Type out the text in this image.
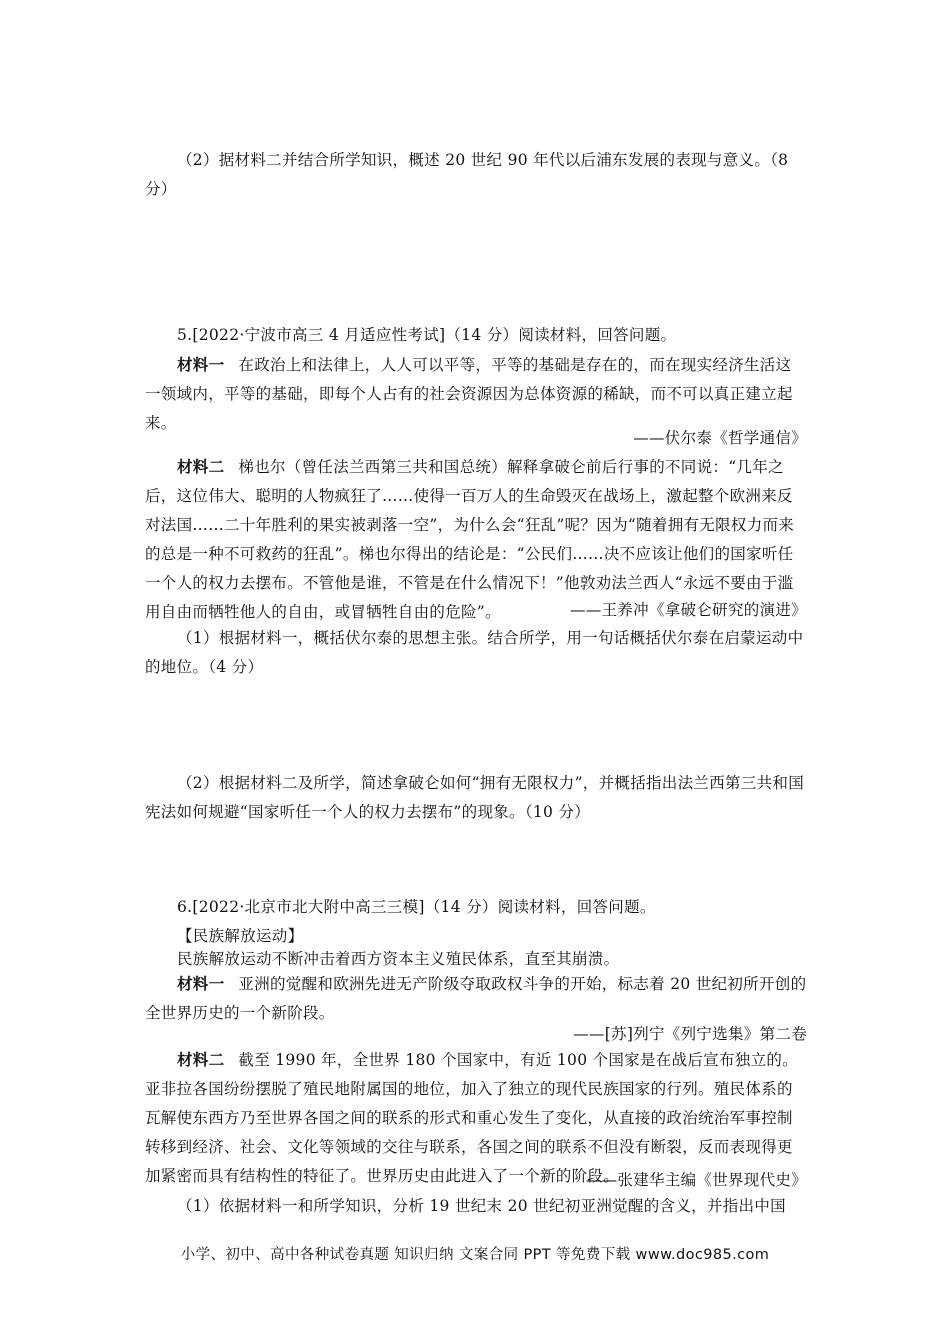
（2）据材料二并结合所学知识，概述 20 世纪 90 年代以后浦东发展的表现与意义。（8 分）
5.[2022·宁波市高三 4 月适应性考试]（14 分）阅读材料，回答问题。
材料一 在政治上和法律上，人人可以平等，平等的基础是存在的，而在现实经济生活这一领域内，平等的基础，即每个人占有的社会资源因为总体资源的稀缺，而不可以真正建立起来。
——伏尔泰《哲学通信》
材料二 梯也尔（曾任法兰西第三共和国总统）解释拿破仑前后行事的不同说：“几年之后，这位伟大、聪明的人物疯狂了……使得一百万人的生命毁灭在战场上，激起整个欧洲来反对法国……二十年胜利的果实被剥落一空”，为什么会“狂乱”呢？因为“随着拥有无限权力而来的总是一种不可救药的狂乱”。梯也尔得出的结论是：“公民们……决不应该让他们的国家听任一个人的权力去摆布。不管他是谁，不管是在什么情况下！”他敦劝法兰西人“永远不要由于滥用自由而牺牲他人的自由，或冒牺牲自由的危险”。	——王养冲《拿破仑研究的演进》
（1）根据材料一，概括伏尔泰的思想主张。结合所学，用一句话概括伏尔泰在启蒙运动中的地位。（4 分）
（2）根据材料二及所学，简述拿破仑如何“拥有无限权力”，并概括指出法兰西第三共和国宪法如何规避“国家听任一个人的权力去摆布”的现象。（10 分）
6.[2022·北京市北大附中高三三模]（14 分）阅读材料，回答问题。
【民族解放运动】
民族解放运动不断冲击着西方资本主义殖民体系，直至其崩溃。
材料一 亚洲的觉醒和欧洲先进无产阶级夺取政权斗争的开始，标志着 20 世纪初所开创的全世界历史的一个新阶段。
——[苏]列宁《列宁选集》第二卷
材料二 截至 1990 年，全世界 180 个国家中，有近 100 个国家是在战后宣布独立的。亚非拉各国纷纷摆脱了殖民地附属国的地位，加入了独立的现代民族国家的行列。殖民体系的瓦解使东西方乃至世界各国之间的联系的形式和重心发生了变化，从直接的政治统治军事控制转移到经济、社会、文化等领域的交往与联系，各国之间的联系不但没有断裂，反而表现得更加紧密而具有结构性的特征了。世界历史由此进入了一个新的阶段。
——张建华主编《世界现代史》
（1）依据材料一和所学知识，分析 19 世纪末 20 世纪初亚洲觉醒的含义，并指出中国
小学、初中、高中各种试卷真题 知识归纳 文案合同 PPT 等免费下载 www.doc985.com
